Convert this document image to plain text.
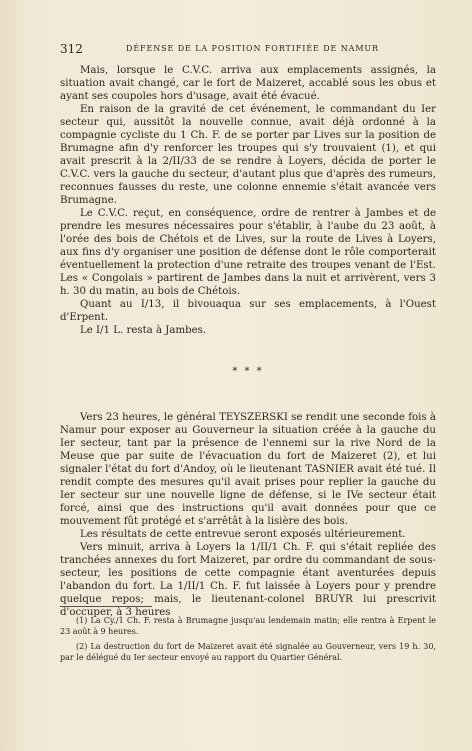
312	DÉFENSE DE LA POSITION FORTIFIÉE DE NAMUR

Mais, lorsque le C.V.C. arriva aux emplacements assignés, la situation avait changé, car le fort de Maizeret, accablé sous les obus et ayant ses coupoles hors d'usage, avait été évacué.

En raison de la gravité de cet événement, le commandant du Ier secteur qui, aussitôt la nouvelle connue, avait déjà ordonné à la compagnie cycliste du 1 Ch. F. de se porter par Lives sur la position de Brumagne afin d'y renforcer les troupes qui s'y trouvaient (1), et qui avait prescrit à la 2/II/33 de se rendre à Loyers, décida de porter le C.V.C. vers la gauche du secteur, d'autant plus que d'après des rumeurs, reconnues fausses du reste, une colonne ennemie s'était avancée vers Brumagne.

Le C.V.C. reçut, en conséquence, ordre de rentrer à Jambes et de prendre les mesures nécessaires pour s'établir, à l'aube du 23 août, à l'orée des bois de Chétois et de Lives, sur la route de Lives à Loyers, aux fins d'y organiser une position de défense dont le rôle comporterait éventuellement la protection d'une retraite des troupes venant de l'Est. Les « Congolais » partirent de Jambes dans la nuit et arrivèrent, vers 3 h. 30 du matin, au bois de Chétois.

Quant au I/13, il bivouaqua sur ses emplacements, à l'Ouest d'Erpent.

Le I/1 L. resta à Jambes.

* * *

Vers 23 heures, le général TEYSZERSKI se rendit une seconde fois à Namur pour exposer au Gouverneur la situation créée à la gauche du Ier secteur, tant par la présence de l'ennemi sur la rive Nord de la Meuse que par suite de l'évacuation du fort de Maizeret (2), et lui signaler l'état du fort d'Andoy, où le lieutenant TASNIER avait été tué. Il rendit compte des mesures qu'il avait prises pour replier la gauche du Ier secteur sur une nouvelle ligne de défense, si le IVe secteur était forcé, ainsi que des instructions qu'il avait données pour que ce mouvement fût protégé et s'arrêtât à la lisière des bois.

Les résultats de cette entrevue seront exposés ultérieurement.

Vers minuit, arriva à Loyers la 1/II/1 Ch. F. qui s'était repliée des tranchées annexes du fort Maizeret, par ordre du commandant de sous-secteur, les positions de cette compagnie étant aventurées depuis l'abandon du fort. La 1/II/1 Ch. F. fut laissée à Loyers pour y prendre quelque repos; mais, le lieutenant-colonel BRUYR lui prescrivit d'occuper, à 3 heures

(1) La Cy./1 Ch. F. resta à Brumagne jusqu'au lendemain matin; elle rentra à Erpent le 23 août à 9 heures.

(2) La destruction du fort de Maizeret avait été signalée au Gouverneur, vers 19 h. 30, par le délégué du Ier secteur envoyé au rapport du Quartier Général.
